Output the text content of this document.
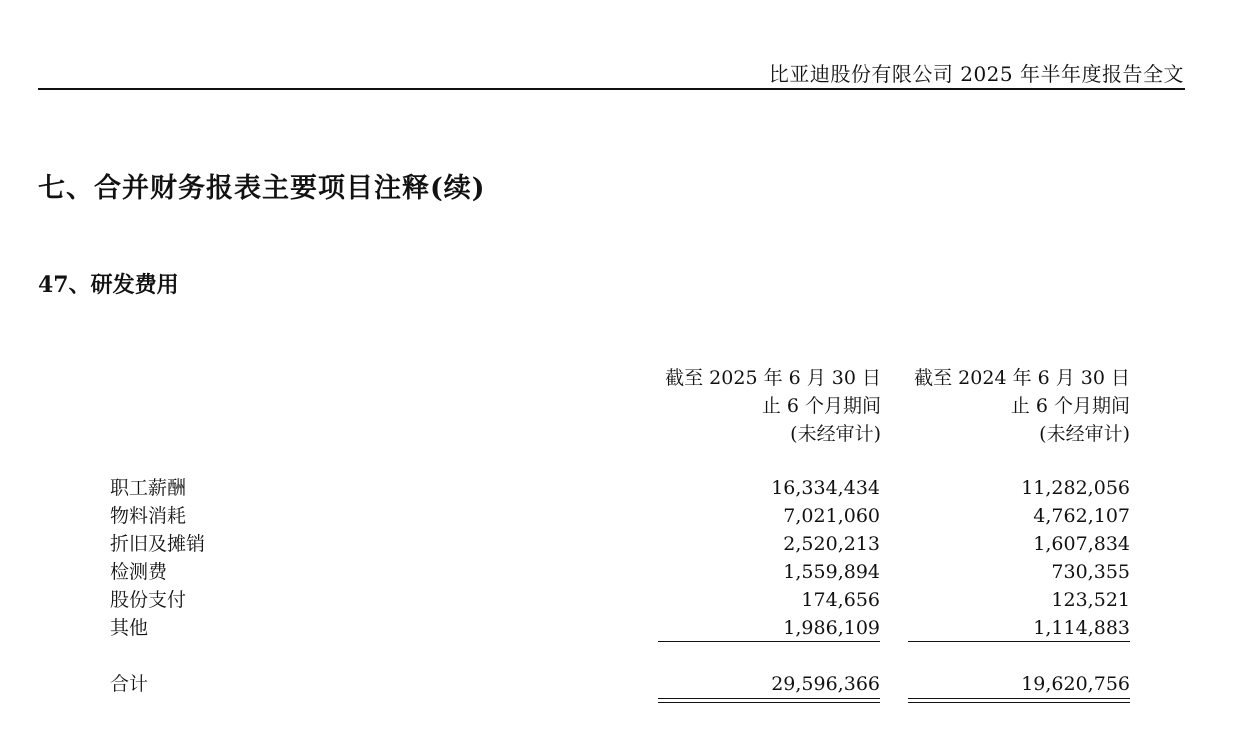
比亚迪股份有限公司 2025 年半年度报告全文
七、合并财务报表主要项目注释(续)
47、研发费用
截至 2025 年 6 月 30 日
止 6 个月期间
(未经审计)
截至 2024 年 6 月 30 日
止 6 个月期间
(未经审计)
职工薪酬	16,334,434	11,282,056
物料消耗	7,021,060	4,762,107
折旧及摊销	2,520,213	1,607,834
检测费	1,559,894	730,355
股份支付	174,656	123,521
其他	1,986,109	1,114,883
合计	29,596,366	19,620,756
